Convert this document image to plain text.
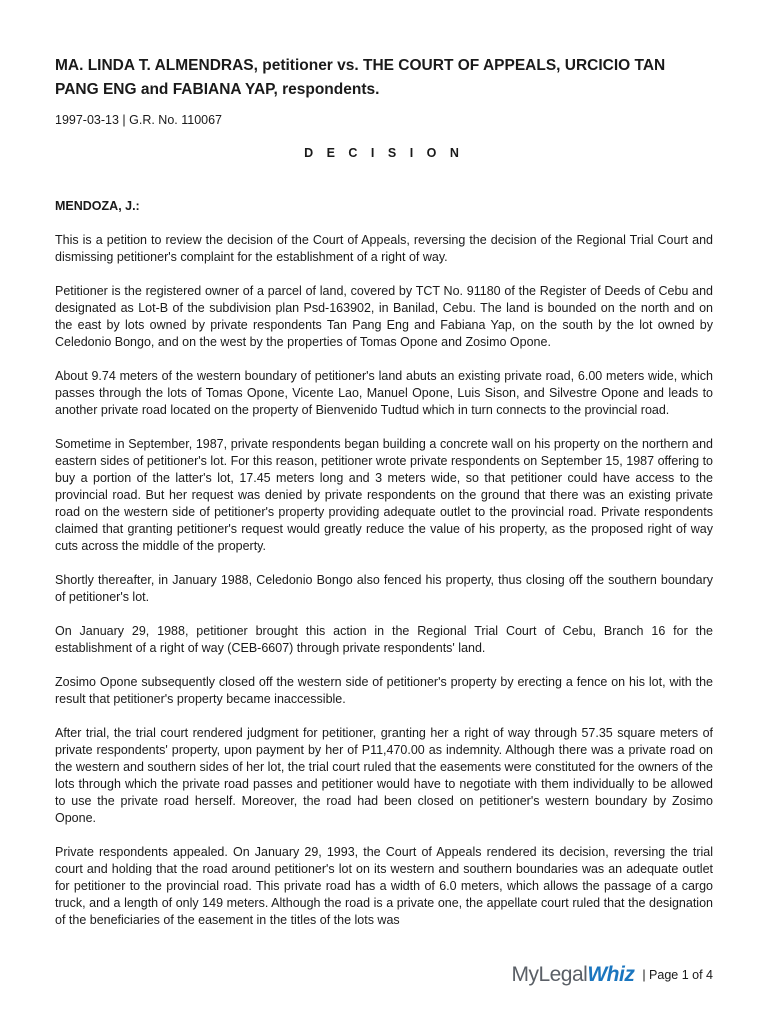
MA. LINDA T. ALMENDRAS, petitioner vs. THE COURT OF APPEALS, URCICIO TAN PANG ENG and FABIANA YAP, respondents.
1997-03-13 | G.R. No. 110067
D E C I S I O N
MENDOZA, J.:

This is a petition to review the decision of the Court of Appeals, reversing the decision of the Regional Trial Court and dismissing petitioner's complaint for the establishment of a right of way.

Petitioner is the registered owner of a parcel of land, covered by TCT No. 91180 of the Register of Deeds of Cebu and designated as Lot-B of the subdivision plan Psd-163902, in Banilad, Cebu. The land is bounded on the north and on the east by lots owned by private respondents Tan Pang Eng and Fabiana Yap, on the south by the lot owned by Celedonio Bongo, and on the west by the properties of Tomas Opone and Zosimo Opone.

About 9.74 meters of the western boundary of petitioner's land abuts an existing private road, 6.00 meters wide, which passes through the lots of Tomas Opone, Vicente Lao, Manuel Opone, Luis Sison, and Silvestre Opone and leads to another private road located on the property of Bienvenido Tudtud which in turn connects to the provincial road.

Sometime in September, 1987, private respondents began building a concrete wall on his property on the northern and eastern sides of petitioner's lot. For this reason, petitioner wrote private respondents on September 15, 1987 offering to buy a portion of the latter's lot, 17.45 meters long and 3 meters wide, so that petitioner could have access to the provincial road. But her request was denied by private respondents on the ground that there was an existing private road on the western side of petitioner's property providing adequate outlet to the provincial road. Private respondents claimed that granting petitioner's request would greatly reduce the value of his property, as the proposed right of way cuts across the middle of the property.

Shortly thereafter, in January 1988, Celedonio Bongo also fenced his property, thus closing off the southern boundary of petitioner's lot.

On January 29, 1988, petitioner brought this action in the Regional Trial Court of Cebu, Branch 16 for the establishment of a right of way (CEB-6607) through private respondents' land.

Zosimo Opone subsequently closed off the western side of petitioner's property by erecting a fence on his lot, with the result that petitioner's property became inaccessible.

After trial, the trial court rendered judgment for petitioner, granting her a right of way through 57.35 square meters of private respondents' property, upon payment by her of P11,470.00 as indemnity. Although there was a private road on the western and southern sides of her lot, the trial court ruled that the easements were constituted for the owners of the lots through which the private road passes and petitioner would have to negotiate with them individually to be allowed to use the private road herself. Moreover, the road had been closed on petitioner's western boundary by Zosimo Opone.

Private respondents appealed. On January 29, 1993, the Court of Appeals rendered its decision, reversing the trial court and holding that the road around petitioner's lot on its western and southern boundaries was an adequate outlet for petitioner to the provincial road. This private road has a width of 6.0 meters, which allows the passage of a cargo truck, and a length of only 149 meters. Although the road is a private one, the appellate court ruled that the designation of the beneficiaries of the easement in the titles of the lots was

MyLegalWhiz | Page 1 of 4
